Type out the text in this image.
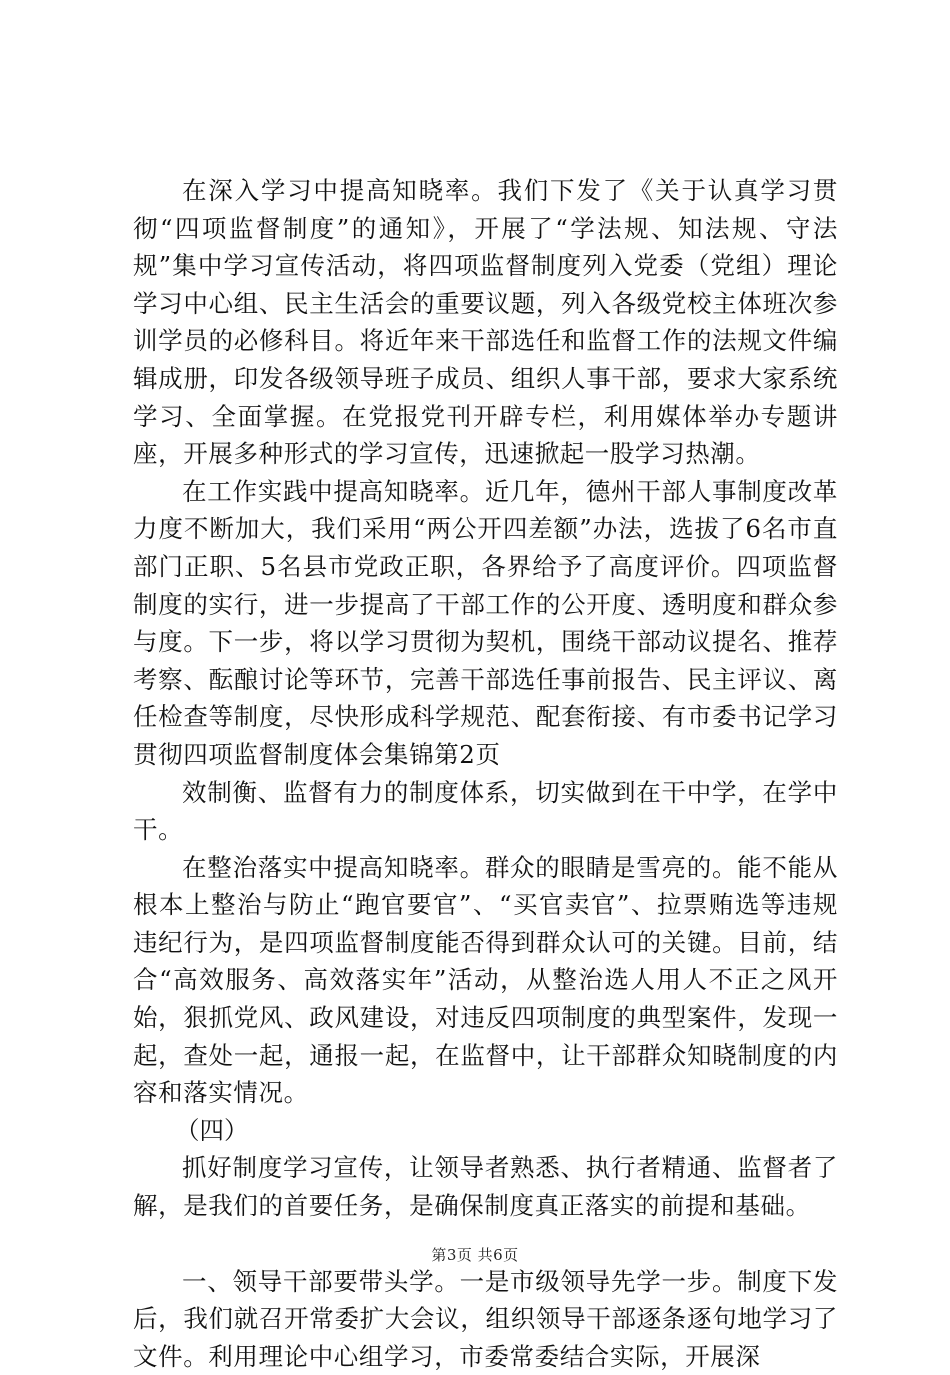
在深入学习中提高知晓率。我们下发了《关于认真学习贯彻“四项监督制度”的通知》，开展了“学法规、知法规、守法规”集中学习宣传活动，将四项监督制度列入党委（党组）理论学习中心组、民主生活会的重要议题，列入各级党校主体班次参训学员的必修科目。将近年来干部选任和监督工作的法规文件编辑成册，印发各级领导班子成员、组织人事干部，要求大家系统学习、全面掌握。在党报党刊开辟专栏，利用媒体举办专题讲座，开展多种形式的学习宣传，迅速掀起一股学习热潮。

在工作实践中提高知晓率。近几年，德州干部人事制度改革力度不断加大，我们采用“两公开四差额”办法，选拔了6名市直部门正职、5名县市党政正职，各界给予了高度评价。四项监督制度的实行，进一步提高了干部工作的公开度、透明度和群众参与度。下一步，将以学习贯彻为契机，围绕干部动议提名、推荐考察、酝酿讨论等环节，完善干部选任事前报告、民主评议、离任检查等制度，尽快形成科学规范、配套衔接、有市委书记学习贯彻四项监督制度体会集锦第2页

效制衡、监督有力的制度体系，切实做到在干中学，在学中干。

在整治落实中提高知晓率。群众的眼睛是雪亮的。能不能从根本上整治与防止“跑官要官”、“买官卖官”、拉票贿选等违规违纪行为，是四项监督制度能否得到群众认可的关键。目前，结合“高效服务、高效落实年”活动，从整治选人用人不正之风开始，狠抓党风、政风建设，对违反四项制度的典型案件，发现一起，查处一起，通报一起，在监督中，让干部群众知晓制度的内容和落实情况。

（四）

抓好制度学习宣传，让领导者熟悉、执行者精通、监督者了解，是我们的首要任务，是确保制度真正落实的前提和基础。

一、领导干部要带头学。一是市级领导先学一步。制度下发后，我们就召开常委扩大会议，组织领导干部逐条逐句地学习了文件。利用理论中心组学习，市委常委结合实际，开展深

第3页 共6页
